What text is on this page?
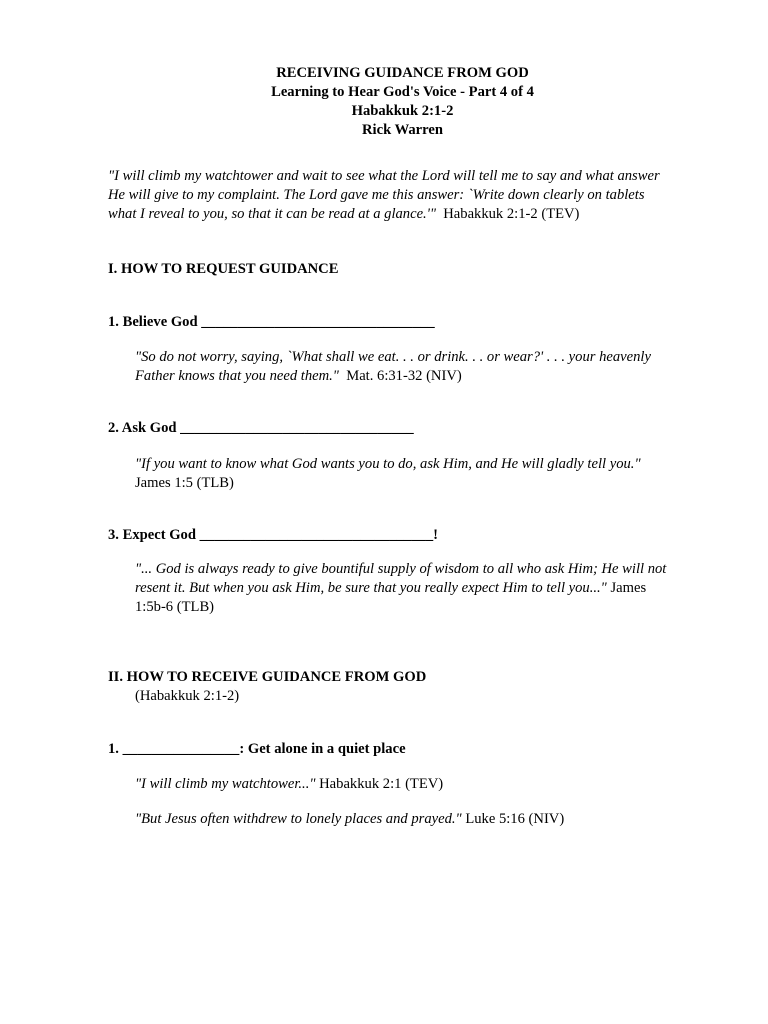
RECEIVING GUIDANCE FROM GOD
Learning to Hear God's Voice - Part 4 of 4
Habakkuk 2:1-2
Rick Warren
"I will climb my watchtower and wait to see what the Lord will tell me to say and what answer
He will give to my complaint. The Lord gave me this answer: `Write down clearly on tablets
what I reveal to you, so that it can be read at a glance.'" Habakkuk 2:1-2 (TEV)
I. HOW TO REQUEST GUIDANCE
1. Believe God ________________________________
"So do not worry, saying, `What shall we eat. . . or drink. . . or wear?' . . . your heavenly
Father knows that you need them." Mat. 6:31-32 (NIV)
2. Ask God ________________________________
"If you want to know what God wants you to do, ask Him, and He will gladly tell you."
James 1:5 (TLB)
3. Expect God ________________________________!
"... God is always ready to give bountiful supply of wisdom to all who ask Him; He will not
resent it. But when you ask Him, be sure that you really expect Him to tell you..." James
1:5b-6 (TLB)
II. HOW TO RECEIVE GUIDANCE FROM GOD
(Habakkuk 2:1-2)
1. ________________: Get alone in a quiet place
"I will climb my watchtower..." Habakkuk 2:1 (TEV)
"But Jesus often withdrew to lonely places and prayed." Luke 5:16 (NIV)
